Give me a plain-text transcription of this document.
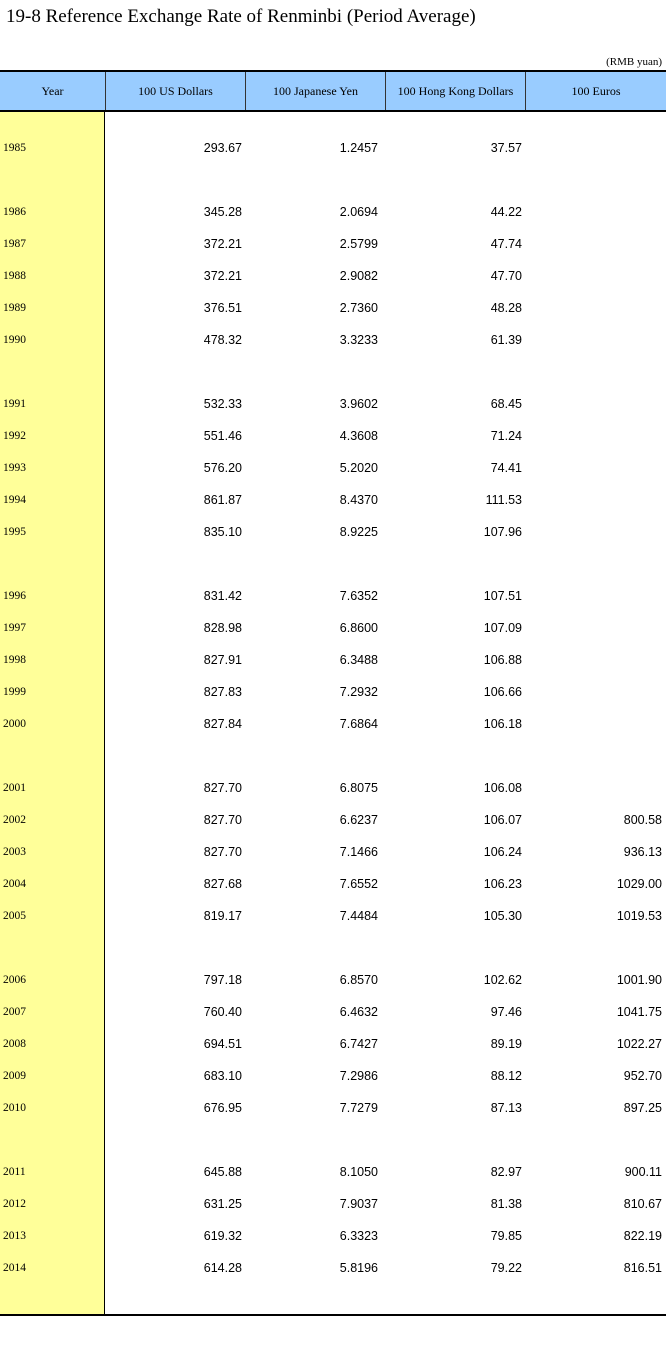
19-8 Reference Exchange Rate of Renminbi (Period Average)
(RMB yuan)
Year	100 US Dollars	100 Japanese Yen	100 Hong Kong Dollars	100 Euros
1985	293.67	1.2457	37.57
1986	345.28	2.0694	44.22
1987	372.21	2.5799	47.74
1988	372.21	2.9082	47.70
1989	376.51	2.7360	48.28
1990	478.32	3.3233	61.39
1991	532.33	3.9602	68.45
1992	551.46	4.3608	71.24
1993	576.20	5.2020	74.41
1994	861.87	8.4370	111.53
1995	835.10	8.9225	107.96
1996	831.42	7.6352	107.51
1997	828.98	6.8600	107.09
1998	827.91	6.3488	106.88
1999	827.83	7.2932	106.66
2000	827.84	7.6864	106.18
2001	827.70	6.8075	106.08
2002	827.70	6.6237	106.07	800.58
2003	827.70	7.1466	106.24	936.13
2004	827.68	7.6552	106.23	1029.00
2005	819.17	7.4484	105.30	1019.53
2006	797.18	6.8570	102.62	1001.90
2007	760.40	6.4632	97.46	1041.75
2008	694.51	6.7427	89.19	1022.27
2009	683.10	7.2986	88.12	952.70
2010	676.95	7.7279	87.13	897.25
2011	645.88	8.1050	82.97	900.11
2012	631.25	7.9037	81.38	810.67
2013	619.32	6.3323	79.85	822.19
2014	614.28	5.8196	79.22	816.51
